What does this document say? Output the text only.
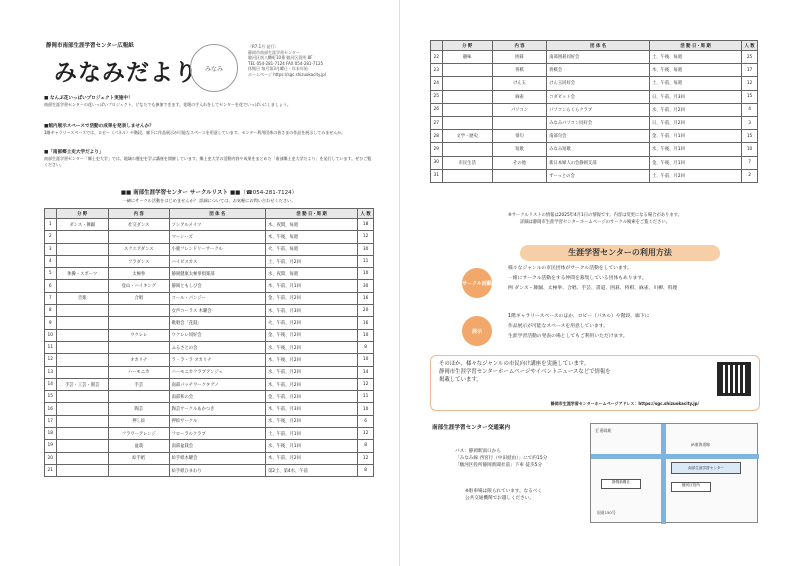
静岡市南部生涯学習センター広報紙
みなみだより	みなみ
〈R7.1月 発行〉
静岡市南部生涯学習センター
駿河区南八幡町10番 駿河区役所 8F
TEL 054-281-7124 FAX 054-281-7125
休館日 毎月第3月曜日・年末年始
ホームページ https://sgc.shizuokacity.jp/
■ なんぶ花いっぱいプロジェクト実施中！

南部生涯学習センターの花いっぱいプロジェクト、どなたでも参加できます。花壇の手入れをしてセンターを花でいっぱいにしましょう。

■館内展示スペースで活動の成果を発表しませんか？

1階ギャラリースペースでは、ロビー（パネル）や階段、廊下に作品展示が可能なスペースを用意しています。センター利用団体の皆さまの作品を展示してみませんか。

■「南部郷土史大学だより」

南部生涯学習センター「郷土史大学」では、地域の歴史を学ぶ講座を開催しています。郷土史大学の活動内容や成果をまとめた「南部郷土史大学だより」を発行しています。ぜひご覧ください。

■■ 南部生涯学習センター サークルリスト ■■（☎054-281-7124）
一緒にサークル活動をはじめませんか？ 詳細については、お気軽にお問い合わせください。
	分 野	内 容	団 体 名	活 動 日・周 期	人 数
1	ダンス・舞踊	社交ダンス	ソシアルメイツ	木、夜間、毎週	18
2			マーシーズ	木、午後、毎週	12
3		スクエアダンス	小鹿フレンドリーサークル	火、午前、毎週	30
4		フラダンス	ハイビスカス	土、午前、月2回	11
5	体操・スポーツ	太極拳	静岡健康太極拳倶楽部	水、夜間、毎週	10
6		登山・ハイキング	静岡ともしび会	木、午前、月1回	30
7	音楽	合唱	コール・パンジー	金、午前、月2回	16
8			女声コーラス 木曜会	木、午前、月3回	20
9			歌唱会「花鼓」	火、午前、月2回	16
10		ウクレレ	ウクレレ同好会	金、午後、月2回	10
11			ふるさとの会	水、午後、月2回	8
12		オカリナ	ラ・ラ・ラ オカリナ	木、午後、月2回	10
13		ハーモニカ	ハーモニカクラブアンジェ	水、午前、月2回	14
14	手芸・工芸・園芸	手芸	南部パッチワークタグノ	木、午前、月2回	12
15			南部和の会	金、午前、月2回	11
16		陶芸	陶芸サークルあかつき	木、午前、月3回	10
17		押し絵	押絵サークル	水、午後、月2回	6
18		フラワーアレンジ	フローラルクラブ	土、午前、月1回	12
19		盆栽	南部盆栽会	水、午後、月1回	8
20		絵手紙	絵手紙木曜会	木、午前、月2回	12
21			絵手紙ひまわり	第2土、第4水、午前	8
	分 野	内 容	団 体 名	活 動 日・周 期	人 数
22	趣味	囲碁	南部囲碁同好会	土、午後、毎週	25
23		将棋	将棋会	木、午後、毎週	17
24		けん玉	けん玉同好会	土、午前、毎週	12
25		麻雀	コダビット会	日、午前、月3回	15
26		パソコン	パソコンらくらクラブ	水、午前、月2回	4
27			みなみパソコン同好会	日、午前、月2回	3
28	文学・歴史	俳句	南部句会	金、午前、月1回	15
29		短歌	みなみ短歌	水、午後、月1回	10
30	市民生活	その他	新日本婦人の会静岡支部	金、午後、月1回	7
31			ずーっとの会	土、午前、月2回	2
※サークルリストの情報は2025年4月1日の情報です。内容は変更になる場合があります。
詳細は静岡市生涯学習センターホームページのサークル検索をご覧ください。
生涯学習センターの利用方法
サークル活動
様々なジャンルの市民団体がサークル活動をしています。
一緒にサークル活動をする仲間を募集している団体もあります。
例 ダンス・舞踊、太極拳、合唱、手芸、書道、囲碁、将棋、麻雀、川柳、料理
展示
1階ギャラリースペースのほか、ロビー（パネル）や階段、廊下に
作品展示が可能なスペースを用意しています。
生涯学習活動の発表の場としてもご利用いただけます。
そのほか、様々なジャンルの市民向け講座を実施しています。
静岡市生涯学習センターホームページやイベントニュースなどで情報を
掲載しています。
静岡市生涯学習センターホームページアドレス：https://sgc.shizuokacity.jp/
南部生涯学習センター交通案内
バス：静岡駅南口から
「みなみ線 西宮行（中田経由）」にて約15分
「駿河区役所静岡新聞社前」下車 徒歩5分
※駐車場は限られています。なるべく
公共交通機関でお越しください。
至 静岡駅
南部生涯学習センター
静岡新聞社
駿河区役所
JR東海道線
国道150号
